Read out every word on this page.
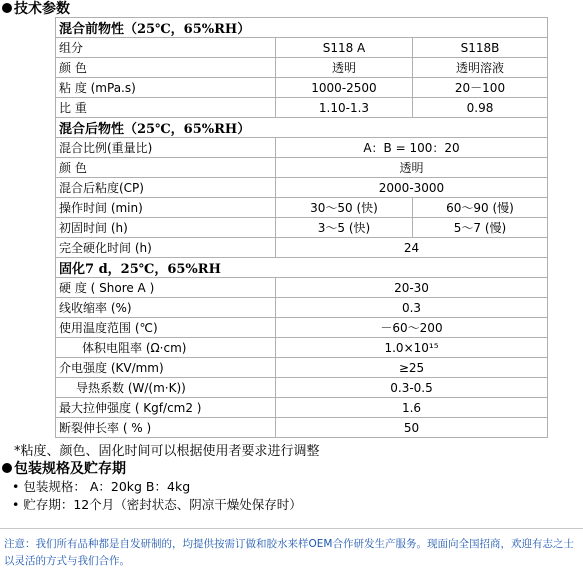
技术参数
混合前物性（25℃，65%RH）		
组分	S118 A	S118B
颜 色	透明	透明溶液
粘 度 (mPa.s)	1000-2500	20－100
比 重	1.10-1.3	0.98
混合后物性（25℃，65%RH）		
混合比例(重量比)	A：B = 100：20	
颜 色	透明	
混合后粘度(CP)	2000-3000	
操作时间 (min)	30～50 (快)	60～90 (慢)
初固时间 (h)	3～5 (快)	5～7 (慢)
完全硬化时间 (h)	24	
固化7 d，25℃，65%RH		
硬 度 ( Shore A )	20-30	
线收缩率 (%)	0.3	
使用温度范围 (℃)	－60～200	
体积电阻率 (Ω·cm)	1.0×10¹⁵	
介电强度 (KV/mm)	≥25	
导热系数 (W/(m·K))	0.3-0.5	
最大拉伸强度 ( Kgf/cm2 )	1.6	
断裂伸长率 ( % )	50	
*粘度、颜色、固化时间可以根据使用者要求进行调整
包装规格及贮存期
• 包装规格： A：20kg B：4kg
• 贮存期：12个月（密封状态、阴凉干燥处保存时）
注意：我们所有品种都是自发研制的，均提供按需订做和胶水来样OEM合作研发生产服务。现面向全国招商，欢迎有志之士以灵活的方式与我们合作。
